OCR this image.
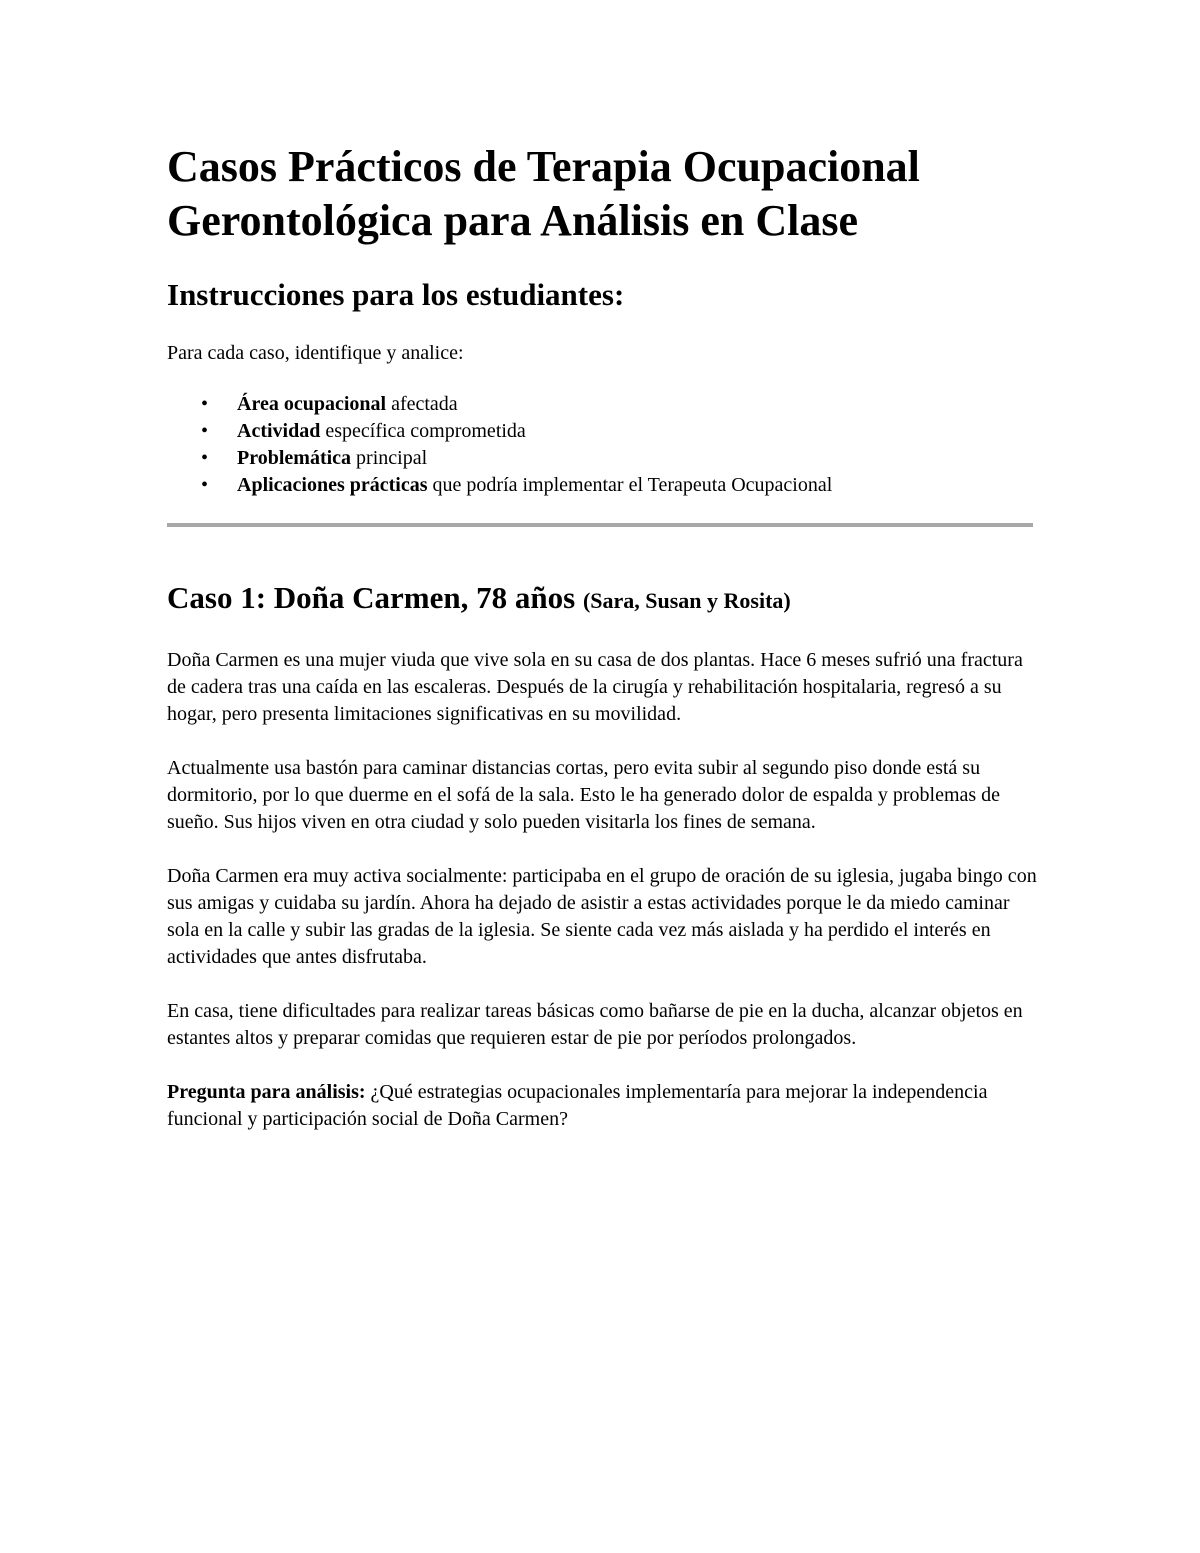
Casos Prácticos de Terapia Ocupacional
Gerontológica para Análisis en Clase
Instrucciones para los estudiantes:

Para cada caso, identifique y analice:

• Área ocupacional afectada
• Actividad específica comprometida
• Problemática principal
• Aplicaciones prácticas que podría implementar el Terapeuta Ocupacional
Caso 1: Doña Carmen, 78 años (Sara, Susan y Rosita)

Doña Carmen es una mujer viuda que vive sola en su casa de dos plantas. Hace 6 meses sufrió una fractura de cadera tras una caída en las escaleras. Después de la cirugía y rehabilitación hospitalaria, regresó a su hogar, pero presenta limitaciones significativas en su movilidad.

Actualmente usa bastón para caminar distancias cortas, pero evita subir al segundo piso donde está su dormitorio, por lo que duerme en el sofá de la sala. Esto le ha generado dolor de espalda y problemas de sueño. Sus hijos viven en otra ciudad y solo pueden visitarla los fines de semana.

Doña Carmen era muy activa socialmente: participaba en el grupo de oración de su iglesia, jugaba bingo con sus amigas y cuidaba su jardín. Ahora ha dejado de asistir a estas actividades porque le da miedo caminar sola en la calle y subir las gradas de la iglesia. Se siente cada vez más aislada y ha perdido el interés en actividades que antes disfrutaba.

En casa, tiene dificultades para realizar tareas básicas como bañarse de pie en la ducha, alcanzar objetos en estantes altos y preparar comidas que requieren estar de pie por períodos prolongados.

Pregunta para análisis: ¿Qué estrategias ocupacionales implementaría para mejorar la independencia funcional y participación social de Doña Carmen?
